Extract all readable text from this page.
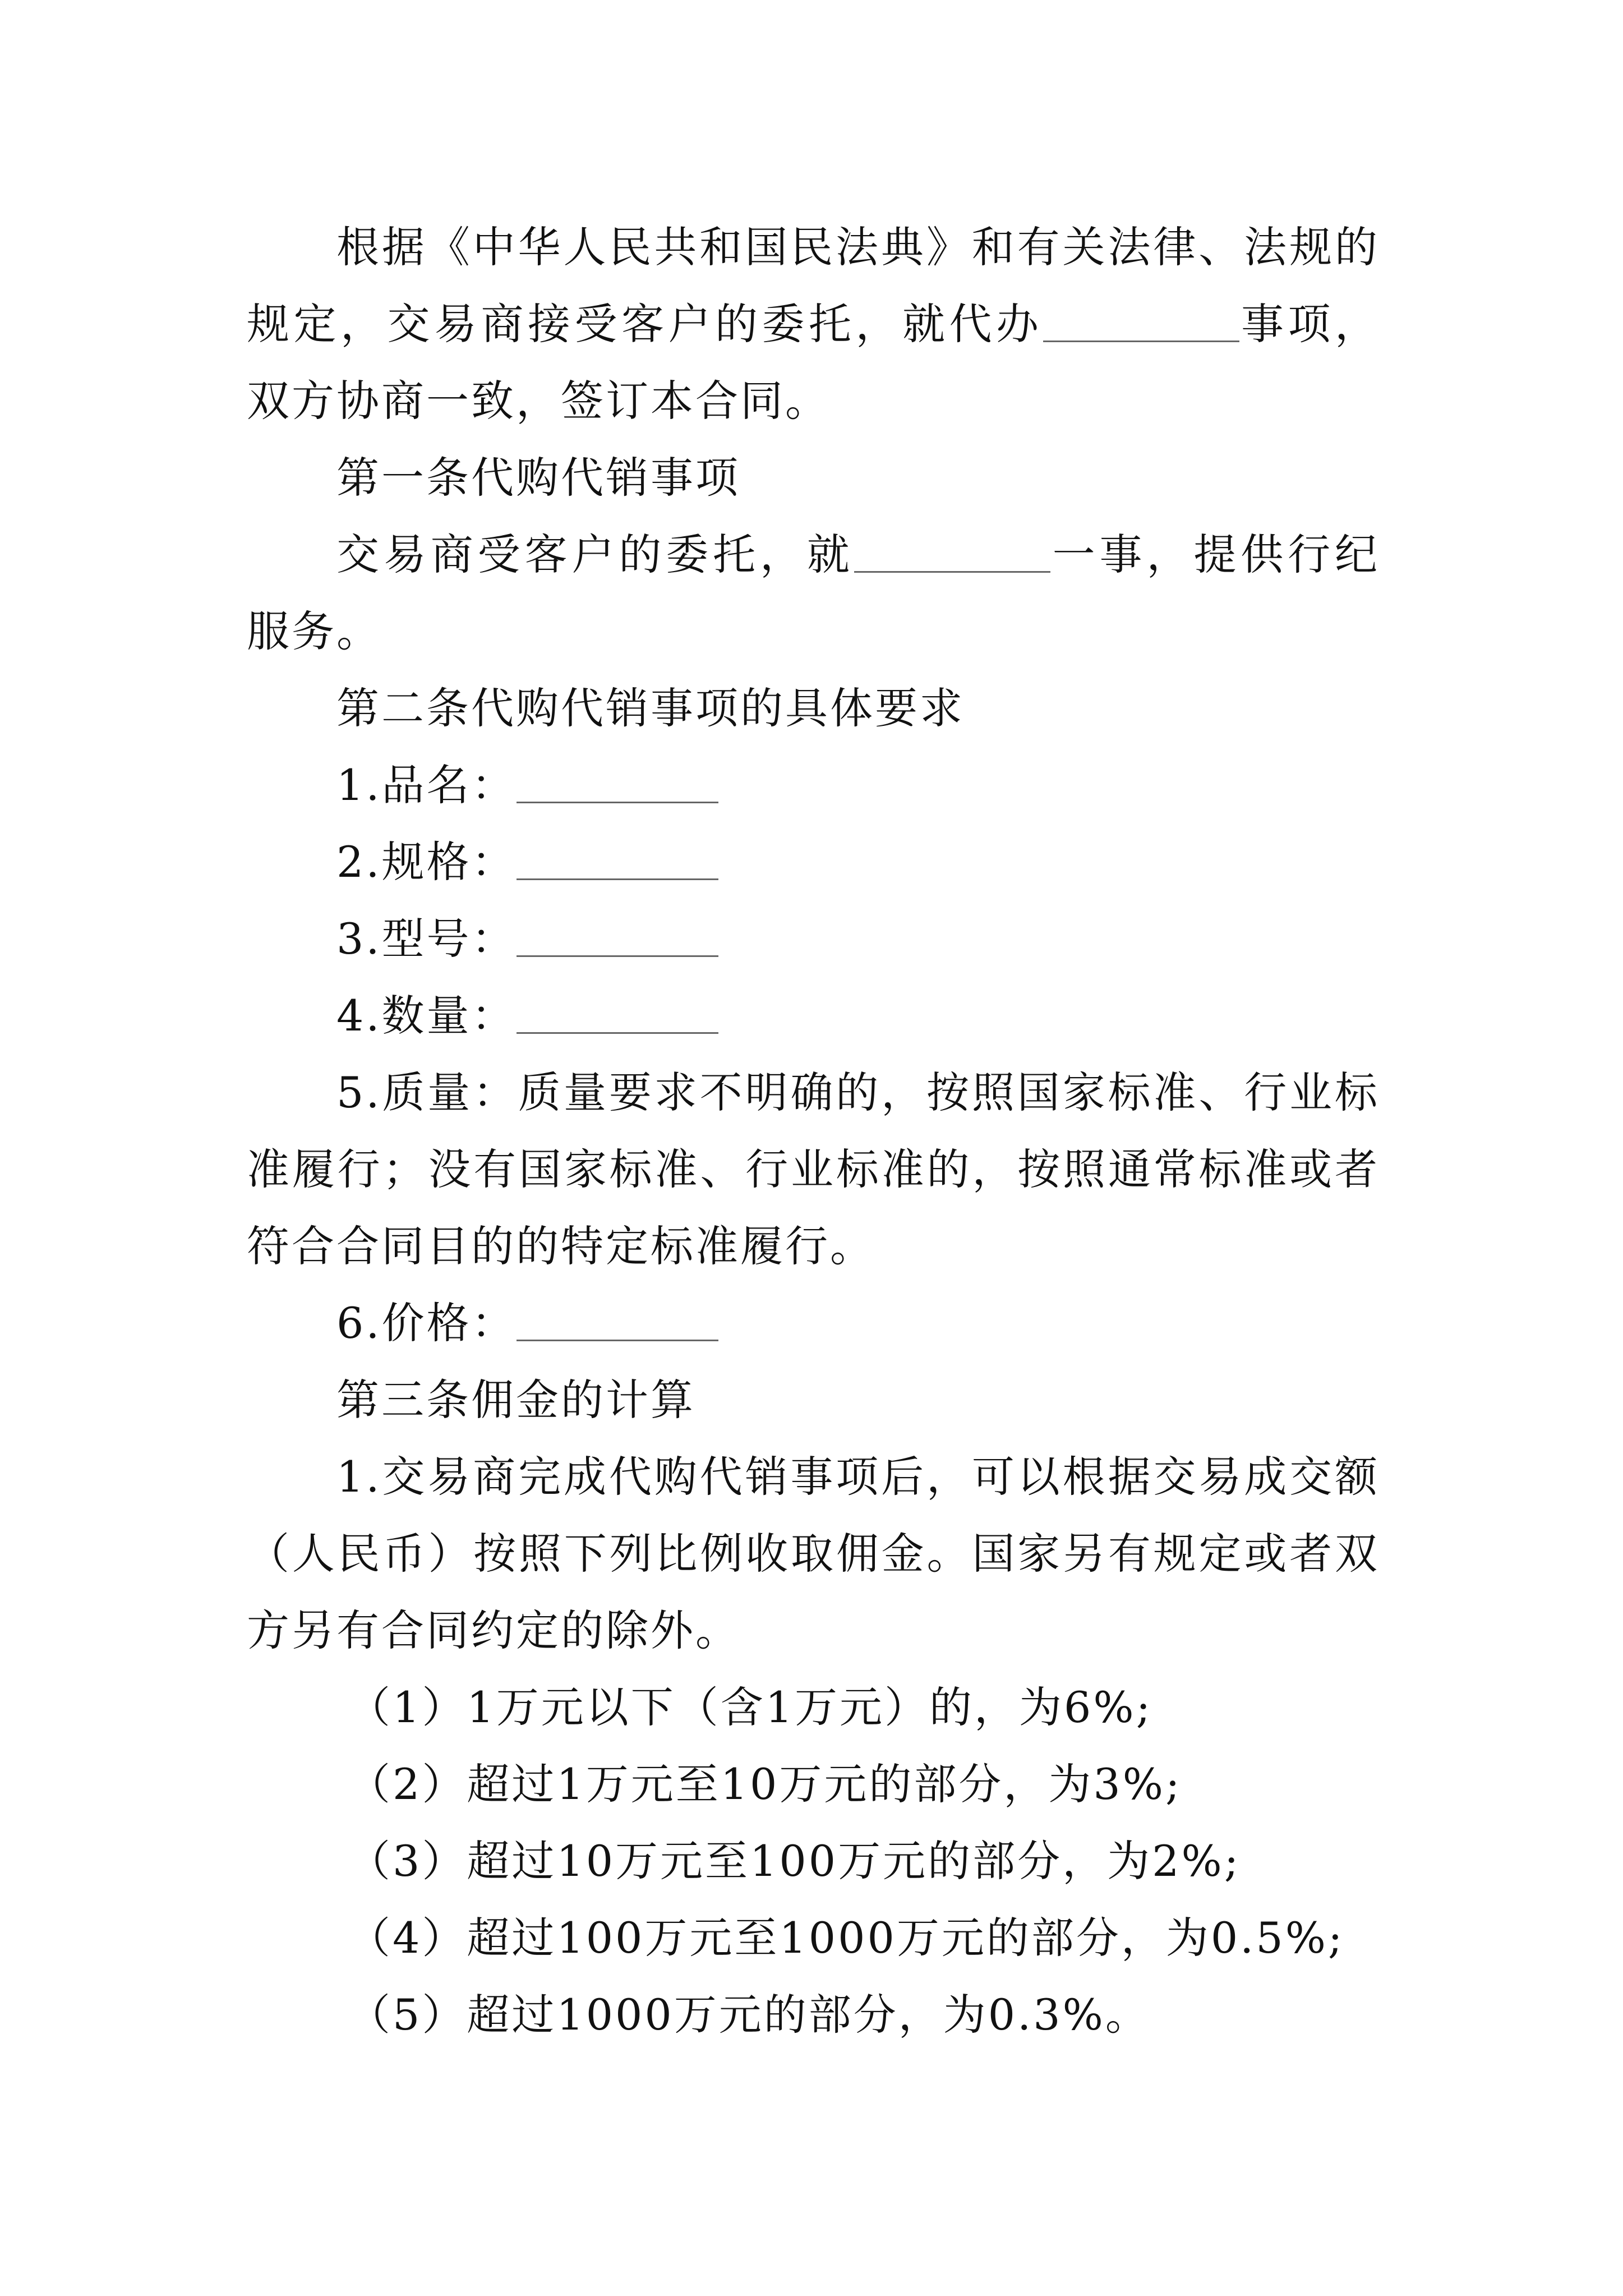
根据《中华人民共和国民法典》和有关法律、法规的规定，交易商接受客户的委托，就代办	事项，双方协商一致，签订本合同。

第一条代购代销事项

交易商受客户的委托，就	一事，提供行纪服务。

第二条代购代销事项的具体要求

1.品名：

2.规格：

3.型号：

4.数量：

5.质量：质量要求不明确的，按照国家标准、行业标准履行；没有国家标准、行业标准的，按照通常标准或者符合合同目的的特定标准履行。

6.价格：

第三条佣金的计算

1.交易商完成代购代销事项后，可以根据交易成交额（人民币）按照下列比例收取佣金。国家另有规定或者双方另有合同约定的除外。

（1）1万元以下（含1万元）的，为6%;

（2）超过1万元至10万元的部分，为3%;

（3）超过10万元至100万元的部分，为2%;

（4）超过100万元至1000万元的部分，为0.5%;

（5）超过1000万元的部分，为0.3%。
